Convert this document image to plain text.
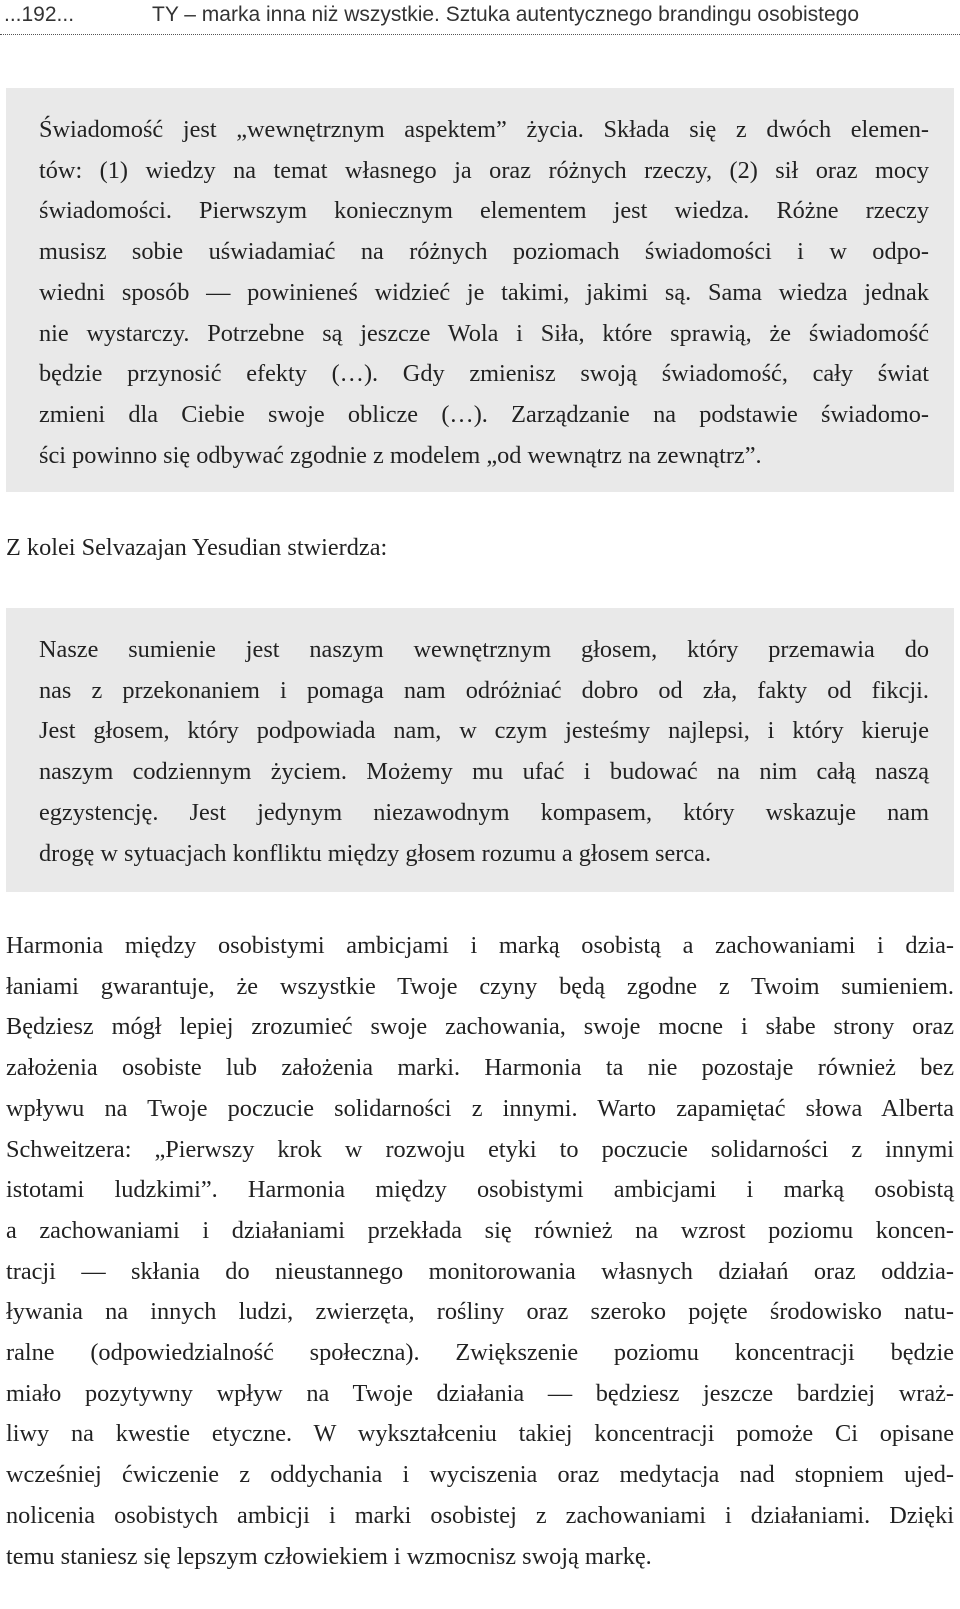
...192...	TY – marka inna niż wszystkie. Sztuka autentycznego brandingu osobistego
Świadomość jest „wewnętrznym aspektem” życia. Składa się z dwóch elemen-
tów: (1) wiedzy na temat własnego ja oraz różnych rzeczy, (2) sił oraz mocy
świadomości. Pierwszym koniecznym elementem jest wiedza. Różne rzeczy
musisz sobie uświadamiać na różnych poziomach świadomości i w odpo-
wiedni sposób — powinieneś widzieć je takimi, jakimi są. Sama wiedza jednak
nie wystarczy. Potrzebne są jeszcze Wola i Siła, które sprawią, że świadomość
będzie przynosić efekty (…). Gdy zmienisz swoją świadomość, cały świat
zmieni dla Ciebie swoje oblicze (…). Zarządzanie na podstawie świadomo-
ści powinno się odbywać zgodnie z modelem „od wewnątrz na zewnątrz”.
Z kolei Selvazajan Yesudian stwierdza:
Nasze sumienie jest naszym wewnętrznym głosem, który przemawia do
nas z przekonaniem i pomaga nam odróżniać dobro od zła, fakty od fikcji.
Jest głosem, który podpowiada nam, w czym jesteśmy najlepsi, i który kieruje
naszym codziennym życiem. Możemy mu ufać i budować na nim całą naszą
egzystencję. Jest jedynym niezawodnym kompasem, który wskazuje nam
drogę w sytuacjach konfliktu między głosem rozumu a głosem serca.
Harmonia między osobistymi ambicjami i marką osobistą a zachowaniami i dzia-
łaniami gwarantuje, że wszystkie Twoje czyny będą zgodne z Twoim sumieniem.
Będziesz mógł lepiej zrozumieć swoje zachowania, swoje mocne i słabe strony oraz
założenia osobiste lub założenia marki. Harmonia ta nie pozostaje również bez
wpływu na Twoje poczucie solidarności z innymi. Warto zapamiętać słowa Alberta
Schweitzera: „Pierwszy krok w rozwoju etyki to poczucie solidarności z innymi
istotami ludzkimi”. Harmonia między osobistymi ambicjami i marką osobistą
a zachowaniami i działaniami przekłada się również na wzrost poziomu koncen-
tracji — skłania do nieustannego monitorowania własnych działań oraz oddzia-
ływania na innych ludzi, zwierzęta, rośliny oraz szeroko pojęte środowisko natu-
ralne (odpowiedzialność społeczna). Zwiększenie poziomu koncentracji będzie
miało pozytywny wpływ na Twoje działania — będziesz jeszcze bardziej wraż-
liwy na kwestie etyczne. W wykształceniu takiej koncentracji pomoże Ci opisane
wcześniej ćwiczenie z oddychania i wyciszenia oraz medytacja nad stopniem ujed-
nolicenia osobistych ambicji i marki osobistej z zachowaniami i działaniami. Dzięki
temu staniesz się lepszym człowiekiem i wzmocnisz swoją markę.
